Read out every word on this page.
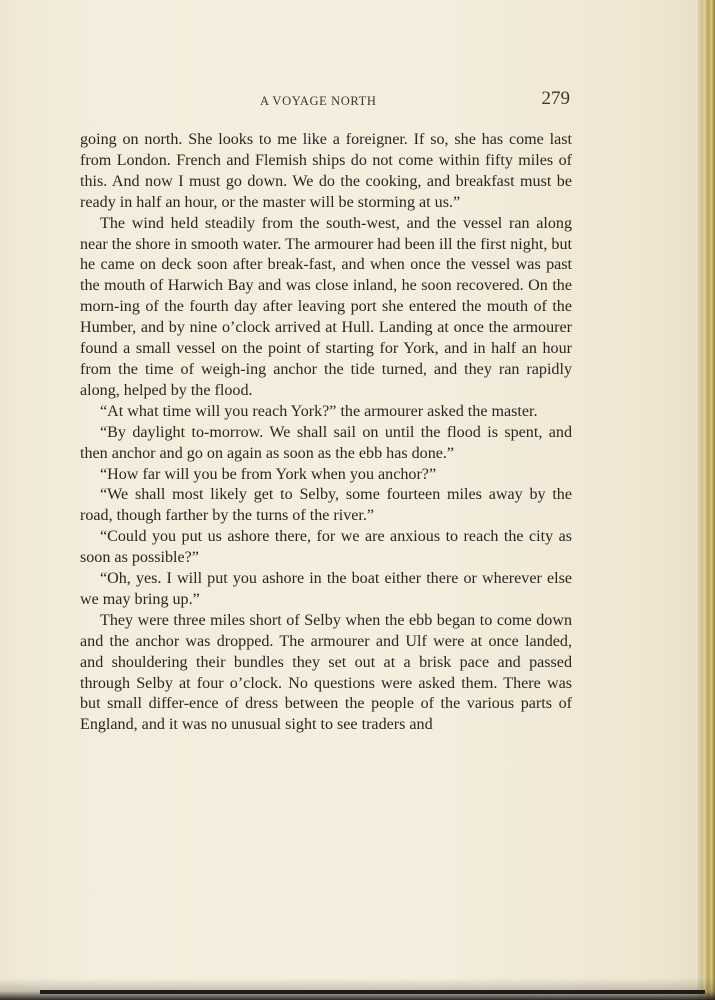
A VOYAGE NORTH	279

going on north. She looks to me like a foreigner. If so, she has come last from London. French and Flemish ships do not come within fifty miles of this. And now I must go down. We do the cooking, and breakfast must be ready in half an hour, or the master will be storming at us.”

The wind held steadily from the south-west, and the vessel ran along near the shore in smooth water. The armourer had been ill the first night, but he came on deck soon after break-fast, and when once the vessel was past the mouth of Harwich Bay and was close inland, he soon recovered. On the morn-ing of the fourth day after leaving port she entered the mouth of the Humber, and by nine o’clock arrived at Hull. Landing at once the armourer found a small vessel on the point of starting for York, and in half an hour from the time of weigh-ing anchor the tide turned, and they ran rapidly along, helped by the flood.

“At what time will you reach York?” the armourer asked the master.

“By daylight to-morrow. We shall sail on until the flood is spent, and then anchor and go on again as soon as the ebb has done.”

“How far will you be from York when you anchor?”

“We shall most likely get to Selby, some fourteen miles away by the road, though farther by the turns of the river.”

“Could you put us ashore there, for we are anxious to reach the city as soon as possible?”

“Oh, yes. I will put you ashore in the boat either there or wherever else we may bring up.”

They were three miles short of Selby when the ebb began to come down and the anchor was dropped. The armourer and Ulf were at once landed, and shouldering their bundles they set out at a brisk pace and passed through Selby at four o’clock. No questions were asked them. There was but small differ-ence of dress between the people of the various parts of England, and it was no unusual sight to see traders and
